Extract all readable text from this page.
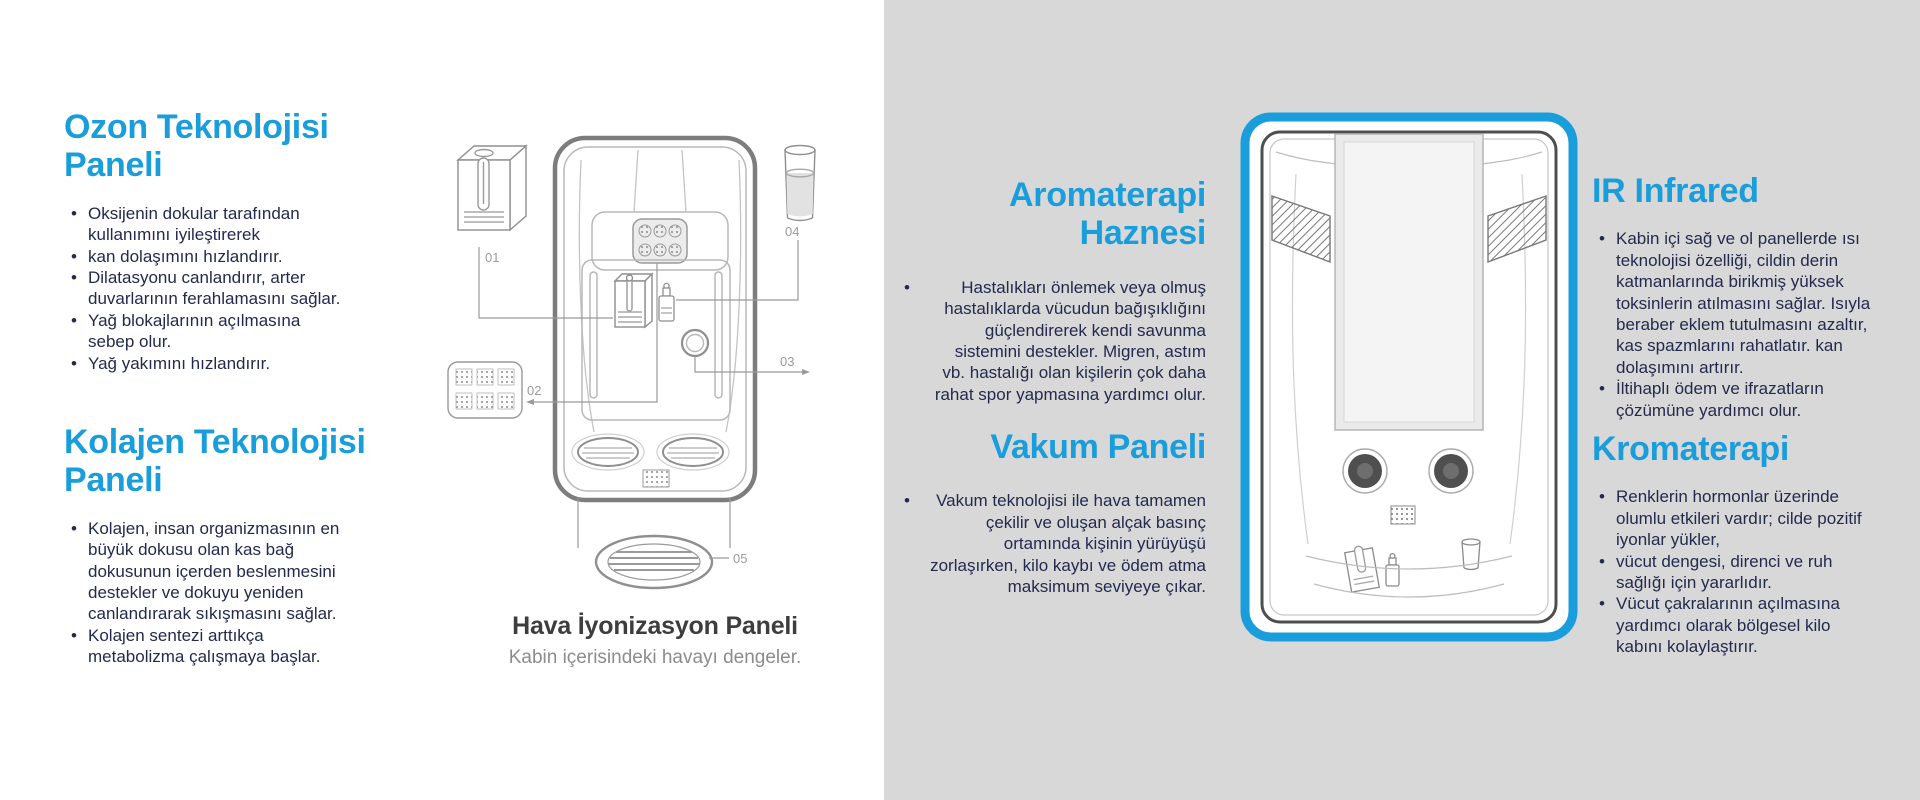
Ozon Teknolojisi Paneli
• Oksijenin dokular tarafından kullanımını iyileştirerek
• kan dolaşımını hızlandırır.
• Dilatasyonu canlandırır, arter duvarlarının ferahlamasını sağlar.
• Yağ blokajlarının açılmasına sebep olur.
• Yağ yakımını hızlandırır.
Kolajen Teknolojisi Paneli
• Kolajen, insan organizmasının en büyük dokusu olan kas bağ dokusunun içerden beslenmesini destekler ve dokuyu yeniden canlandırarak sıkışmasını sağlar.
• Kolajen sentezi arttıkça metabolizma çalışmaya başlar.
01
02
03
04
05

Hava İyonizasyon Paneli

Kabin içerisindeki havayı dengeler.

Aromaterapi Haznesi
•	Hastalıkları önlemek veya olmuş hastalıklarda vücudun bağışıklığını güçlendirerek kendi savunma sistemini destekler. Migren, astım vb. hastalığı olan kişilerin çok daha rahat spor yapmasına yardımcı olur.

Vakum Paneli
•	Vakum teknolojisi ile hava tamamen çekilir ve oluşan alçak basınç ortamında kişinin yürüyüşü zorlaşırken, kilo kaybı ve ödem atma maksimum seviyeye çıkar.

IR Infrared
• Kabin içi sağ ve ol panellerde ısı teknolojisi özelliği, cildin derin katmanlarında birikmiş yüksek toksinlerin atılmasını sağlar. Isıyla beraber eklem tutulmasını azaltır, kas spazmlarını rahatlatır. kan dolaşımını artırır.
• İltihaplı ödem ve ifrazatların çözümüne yardımcı olur.
Kromaterapi
• Renklerin hormonlar üzerinde olumlu etkileri vardır; cilde pozitif iyonlar yükler,
• vücut dengesi, direnci ve ruh sağlığı için yararlıdır.
• Vücut çakralarının açılmasına yardımcı olarak bölgesel kilo kabını kolaylaştırır.
